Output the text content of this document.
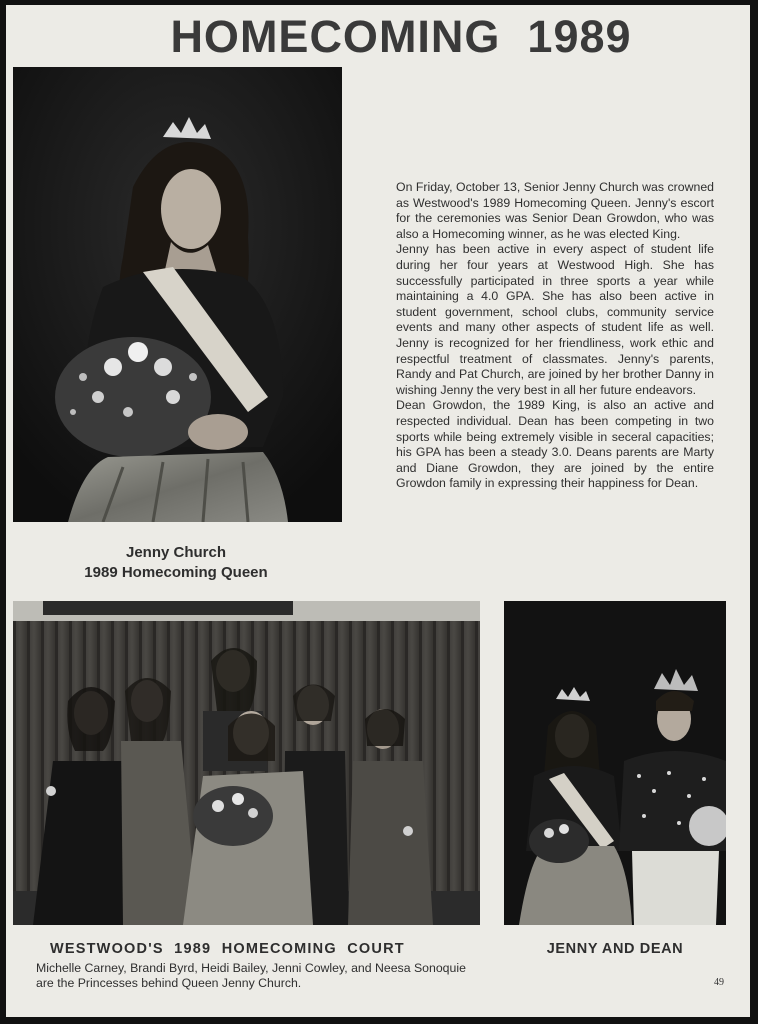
HOMECOMING  1989
Jenny Church
1989 Homecoming Queen

On Friday, October 13, Senior Jenny Church was crowned as Westwood's 1989 Homecoming Queen. Jenny's escort for the ceremonies was Senior Dean Growdon, who was also a Homecoming winner, as he was elected King.

Jenny has been active in every aspect of student life during her four years at Westwood High. She has successfully participated in three sports a year while maintaining a 4.0 GPA. She has also been active in student government, school clubs, community service events and many other aspects of student life as well. Jenny is recognized for her friendliness, work ethic and respectful treatment of classmates. Jenny's parents, Randy and Pat Church, are joined by her brother Danny in wishing Jenny the very best in all her future endeavors.

Dean Growdon, the 1989 King, is also an active and respected individual. Dean has been competing in two sports while being extremely visible in seceral capacities; his GPA has been a steady 3.0. Deans parents are Marty and Diane Growdon, they are joined by the entire Growdon family in expressing their happiness for Dean.

WESTWOOD'S  1989  HOMECOMING  COURT	JENNY AND DEAN
Michelle Carney, Brandi Byrd, Heidi Bailey, Jenni Cowley, and Neesa Sonoquie are the Princesses behind Queen Jenny Church.	49
